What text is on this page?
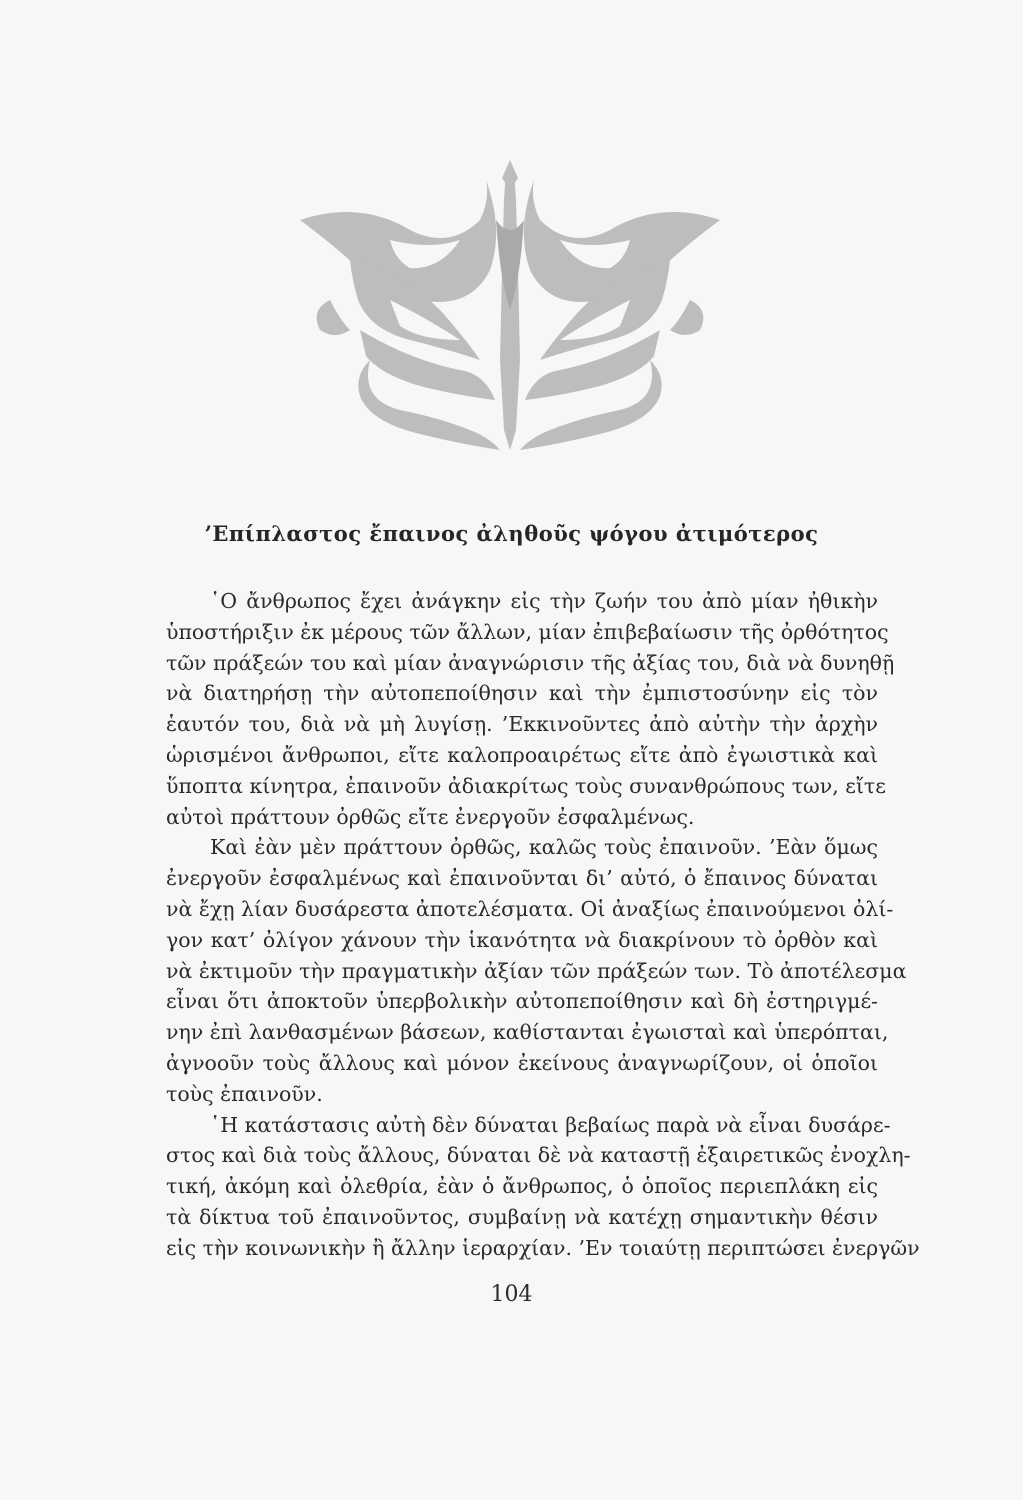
’Επίπλαστος ἔπαινος ἀληθοῦς ψόγου ἀτιμότερος
῾Ο ἄνθρωπος ἔχει ἀνάγκην εἰς τὴν ζωήν του ἀπὸ μίαν ἠθικὴν
ὑποστήριξιν ἐκ μέρους τῶν ἄλλων, μίαν ἐπιβεβαίωσιν τῆς ὀρθότητος
τῶν πράξεών του καὶ μίαν ἀναγνώρισιν τῆς ἀξίας του, διὰ νὰ δυνηθῇ
νὰ διατηρήσῃ τὴν αὐτοπεποίθησιν καὶ τὴν ἐμπιστοσύνην εἰς τὸν
ἑαυτόν του, διὰ νὰ μὴ λυγίσῃ. ’Εκκινοῦντες ἀπὸ αὐτὴν τὴν ἀρχὴν
ὡρισμένοι ἄνθρωποι, εἴτε καλοπροαιρέτως εἴτε ἀπὸ ἐγωιστικὰ καὶ
ὕποπτα κίνητρα, ἐπαινοῦν ἀδιακρίτως τοὺς συνανθρώπους των, εἴτε
αὐτοὶ πράττουν ὀρθῶς εἴτε ἐνεργοῦν ἐσφαλμένως.
Καὶ ἐὰν μὲν πράττουν ὀρθῶς, καλῶς τοὺς ἐπαινοῦν. ’Εὰν ὅμως
ἐνεργοῦν ἐσφαλμένως καὶ ἐπαινοῦνται δι’ αὐτό, ὁ ἔπαινος δύναται
νὰ ἔχῃ λίαν δυσάρεστα ἀποτελέσματα. Οἱ ἀναξίως ἐπαινούμενοι ὀλί-
γον κατ’ ὀλίγον χάνουν τὴν ἱκανότητα νὰ διακρίνουν τὸ ὀρθὸν καὶ
νὰ ἐκτιμοῦν τὴν πραγματικὴν ἀξίαν τῶν πράξεών των. Τὸ ἀποτέλεσμα
εἶναι ὅτι ἀποκτοῦν ὑπερβολικὴν αὐτοπεποίθησιν καὶ δὴ ἐστηριγμέ-
νην ἐπὶ λανθασμένων βάσεων, καθίστανται ἐγωισταὶ καὶ ὑπερόπται,
ἀγνοοῦν τοὺς ἄλλους καὶ μόνον ἐκείνους ἀναγνωρίζουν, οἱ ὁποῖοι
τοὺς ἐπαινοῦν.
῾Η κατάστασις αὐτὴ δὲν δύναται βεβαίως παρὰ νὰ εἶναι δυσάρε-
στος καὶ διὰ τοὺς ἄλλους, δύναται δὲ νὰ καταστῇ ἐξαιρετικῶς ἐνοχλη-
τική, ἀκόμη καὶ ὀλεθρία, ἐὰν ὁ ἄνθρωπος, ὁ ὁποῖος περιεπλάκη εἰς
τὰ δίκτυα τοῦ ἐπαινοῦντος, συμβαίνῃ νὰ κατέχῃ σημαντικὴν θέσιν
εἰς τὴν κοινωνικὴν ἢ ἄλλην ἱεραρχίαν. ’Εν τοιαύτῃ περιπτώσει ἐνεργῶν
104
